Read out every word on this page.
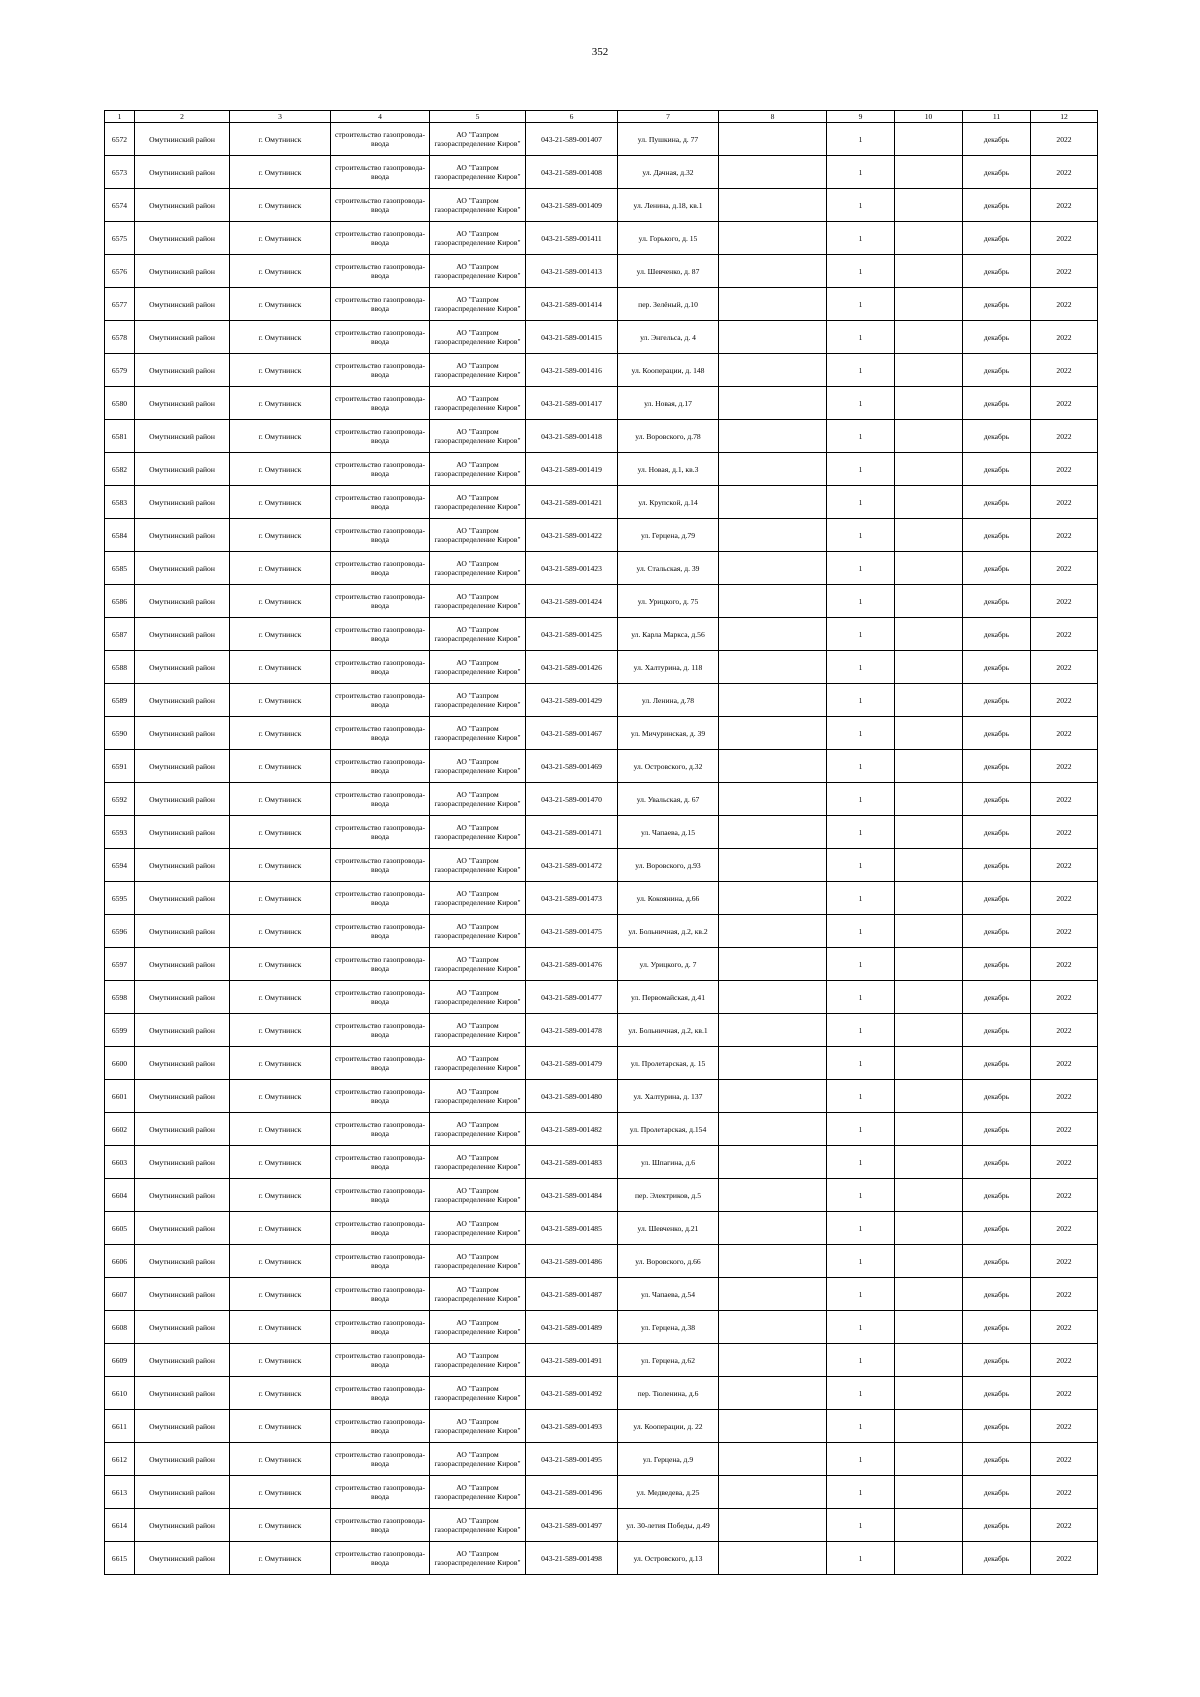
352
1	2	3	4	5	6	7	8	9	10	11	12
6572	Омутнинский район	г. Омутнинск	строительство газопровода-ввода	АО "Газпром газораспределение Киров"	043-21-589-001407	ул. Пушкина, д. 77		1		декабрь	2022
6573	Омутнинский район	г. Омутнинск	строительство газопровода-ввода	АО "Газпром газораспределение Киров"	043-21-589-001408	ул. Дачная, д.32		1		декабрь	2022
6574	Омутнинский район	г. Омутнинск	строительство газопровода-ввода	АО "Газпром газораспределение Киров"	043-21-589-001409	ул. Ленина, д.18, кв.1		1		декабрь	2022
6575	Омутнинский район	г. Омутнинск	строительство газопровода-ввода	АО "Газпром газораспределение Киров"	043-21-589-001411	ул. Горького, д. 15		1		декабрь	2022
6576	Омутнинский район	г. Омутнинск	строительство газопровода-ввода	АО "Газпром газораспределение Киров"	043-21-589-001413	ул. Шевченко, д. 87		1		декабрь	2022
6577	Омутнинский район	г. Омутнинск	строительство газопровода-ввода	АО "Газпром газораспределение Киров"	043-21-589-001414	пер. Зелёный, д.10		1		декабрь	2022
6578	Омутнинский район	г. Омутнинск	строительство газопровода-ввода	АО "Газпром газораспределение Киров"	043-21-589-001415	ул. Энгельса, д. 4		1		декабрь	2022
6579	Омутнинский район	г. Омутнинск	строительство газопровода-ввода	АО "Газпром газораспределение Киров"	043-21-589-001416	ул. Кооперации, д. 148		1		декабрь	2022
6580	Омутнинский район	г. Омутнинск	строительство газопровода-ввода	АО "Газпром газораспределение Киров"	043-21-589-001417	ул. Новая, д.17		1		декабрь	2022
6581	Омутнинский район	г. Омутнинск	строительство газопровода-ввода	АО "Газпром газораспределение Киров"	043-21-589-001418	ул. Воровского, д.78		1		декабрь	2022
6582	Омутнинский район	г. Омутнинск	строительство газопровода-ввода	АО "Газпром газораспределение Киров"	043-21-589-001419	ул. Новая, д.1, кв.3		1		декабрь	2022
6583	Омутнинский район	г. Омутнинск	строительство газопровода-ввода	АО "Газпром газораспределение Киров"	043-21-589-001421	ул. Крупской, д.14		1		декабрь	2022
6584	Омутнинский район	г. Омутнинск	строительство газопровода-ввода	АО "Газпром газораспределение Киров"	043-21-589-001422	ул. Герцена, д.79		1		декабрь	2022
6585	Омутнинский район	г. Омутнинск	строительство газопровода-ввода	АО "Газпром газораспределение Киров"	043-21-589-001423	ул. Стальская, д. 39		1		декабрь	2022
6586	Омутнинский район	г. Омутнинск	строительство газопровода-ввода	АО "Газпром газораспределение Киров"	043-21-589-001424	ул. Урицкого, д. 75		1		декабрь	2022
6587	Омутнинский район	г. Омутнинск	строительство газопровода-ввода	АО "Газпром газораспределение Киров"	043-21-589-001425	ул. Карла Маркса, д.56		1		декабрь	2022
6588	Омутнинский район	г. Омутнинск	строительство газопровода-ввода	АО "Газпром газораспределение Киров"	043-21-589-001426	ул. Халтурина, д. 118		1		декабрь	2022
6589	Омутнинский район	г. Омутнинск	строительство газопровода-ввода	АО "Газпром газораспределение Киров"	043-21-589-001429	ул. Ленина, д.78		1		декабрь	2022
6590	Омутнинский район	г. Омутнинск	строительство газопровода-ввода	АО "Газпром газораспределение Киров"	043-21-589-001467	ул. Мичуринская, д. 39		1		декабрь	2022
6591	Омутнинский район	г. Омутнинск	строительство газопровода-ввода	АО "Газпром газораспределение Киров"	043-21-589-001469	ул. Островского, д.32		1		декабрь	2022
6592	Омутнинский район	г. Омутнинск	строительство газопровода-ввода	АО "Газпром газораспределение Киров"	043-21-589-001470	ул. Увальская, д. 67		1		декабрь	2022
6593	Омутнинский район	г. Омутнинск	строительство газопровода-ввода	АО "Газпром газораспределение Киров"	043-21-589-001471	ул. Чапаева, д.15		1		декабрь	2022
6594	Омутнинский район	г. Омутнинск	строительство газопровода-ввода	АО "Газпром газораспределение Киров"	043-21-589-001472	ул. Воровского, д.93		1		декабрь	2022
6595	Омутнинский район	г. Омутнинск	строительство газопровода-ввода	АО "Газпром газораспределение Киров"	043-21-589-001473	ул. Кокоянина, д.66		1		декабрь	2022
6596	Омутнинский район	г. Омутнинск	строительство газопровода-ввода	АО "Газпром газораспределение Киров"	043-21-589-001475	ул. Больничная, д.2, кв.2		1		декабрь	2022
6597	Омутнинский район	г. Омутнинск	строительство газопровода-ввода	АО "Газпром газораспределение Киров"	043-21-589-001476	ул. Урицкого, д. 7		1		декабрь	2022
6598	Омутнинский район	г. Омутнинск	строительство газопровода-ввода	АО "Газпром газораспределение Киров"	043-21-589-001477	ул. Первомайская, д.41		1		декабрь	2022
6599	Омутнинский район	г. Омутнинск	строительство газопровода-ввода	АО "Газпром газораспределение Киров"	043-21-589-001478	ул. Больничная, д.2, кв.1		1		декабрь	2022
6600	Омутнинский район	г. Омутнинск	строительство газопровода-ввода	АО "Газпром газораспределение Киров"	043-21-589-001479	ул. Пролетарская, д. 15		1		декабрь	2022
6601	Омутнинский район	г. Омутнинск	строительство газопровода-ввода	АО "Газпром газораспределение Киров"	043-21-589-001480	ул. Халтурина, д. 137		1		декабрь	2022
6602	Омутнинский район	г. Омутнинск	строительство газопровода-ввода	АО "Газпром газораспределение Киров"	043-21-589-001482	ул. Пролетарская, д.154		1		декабрь	2022
6603	Омутнинский район	г. Омутнинск	строительство газопровода-ввода	АО "Газпром газораспределение Киров"	043-21-589-001483	ул. Шпагина, д.6		1		декабрь	2022
6604	Омутнинский район	г. Омутнинск	строительство газопровода-ввода	АО "Газпром газораспределение Киров"	043-21-589-001484	пер. Электриков, д.5		1		декабрь	2022
6605	Омутнинский район	г. Омутнинск	строительство газопровода-ввода	АО "Газпром газораспределение Киров"	043-21-589-001485	ул. Шевченко, д.21		1		декабрь	2022
6606	Омутнинский район	г. Омутнинск	строительство газопровода-ввода	АО "Газпром газораспределение Киров"	043-21-589-001486	ул. Воровского, д.66		1		декабрь	2022
6607	Омутнинский район	г. Омутнинск	строительство газопровода-ввода	АО "Газпром газораспределение Киров"	043-21-589-001487	ул. Чапаева, д.54		1		декабрь	2022
6608	Омутнинский район	г. Омутнинск	строительство газопровода-ввода	АО "Газпром газораспределение Киров"	043-21-589-001489	ул. Герцена, д.38		1		декабрь	2022
6609	Омутнинский район	г. Омутнинск	строительство газопровода-ввода	АО "Газпром газораспределение Киров"	043-21-589-001491	ул. Герцена, д.62		1		декабрь	2022
6610	Омутнинский район	г. Омутнинск	строительство газопровода-ввода	АО "Газпром газораспределение Киров"	043-21-589-001492	пер. Тюленина, д.6		1		декабрь	2022
6611	Омутнинский район	г. Омутнинск	строительство газопровода-ввода	АО "Газпром газораспределение Киров"	043-21-589-001493	ул. Кооперации, д. 22		1		декабрь	2022
6612	Омутнинский район	г. Омутнинск	строительство газопровода-ввода	АО "Газпром газораспределение Киров"	043-21-589-001495	ул. Герцена, д.9		1		декабрь	2022
6613	Омутнинский район	г. Омутнинск	строительство газопровода-ввода	АО "Газпром газораспределение Киров"	043-21-589-001496	ул. Медведева, д.25		1		декабрь	2022
6614	Омутнинский район	г. Омутнинск	строительство газопровода-ввода	АО "Газпром газораспределение Киров"	043-21-589-001497	ул. 30-летия Победы, д.49		1		декабрь	2022
6615	Омутнинский район	г. Омутнинск	строительство газопровода-ввода	АО "Газпром газораспределение Киров"	043-21-589-001498	ул. Островского, д.13		1		декабрь	2022
